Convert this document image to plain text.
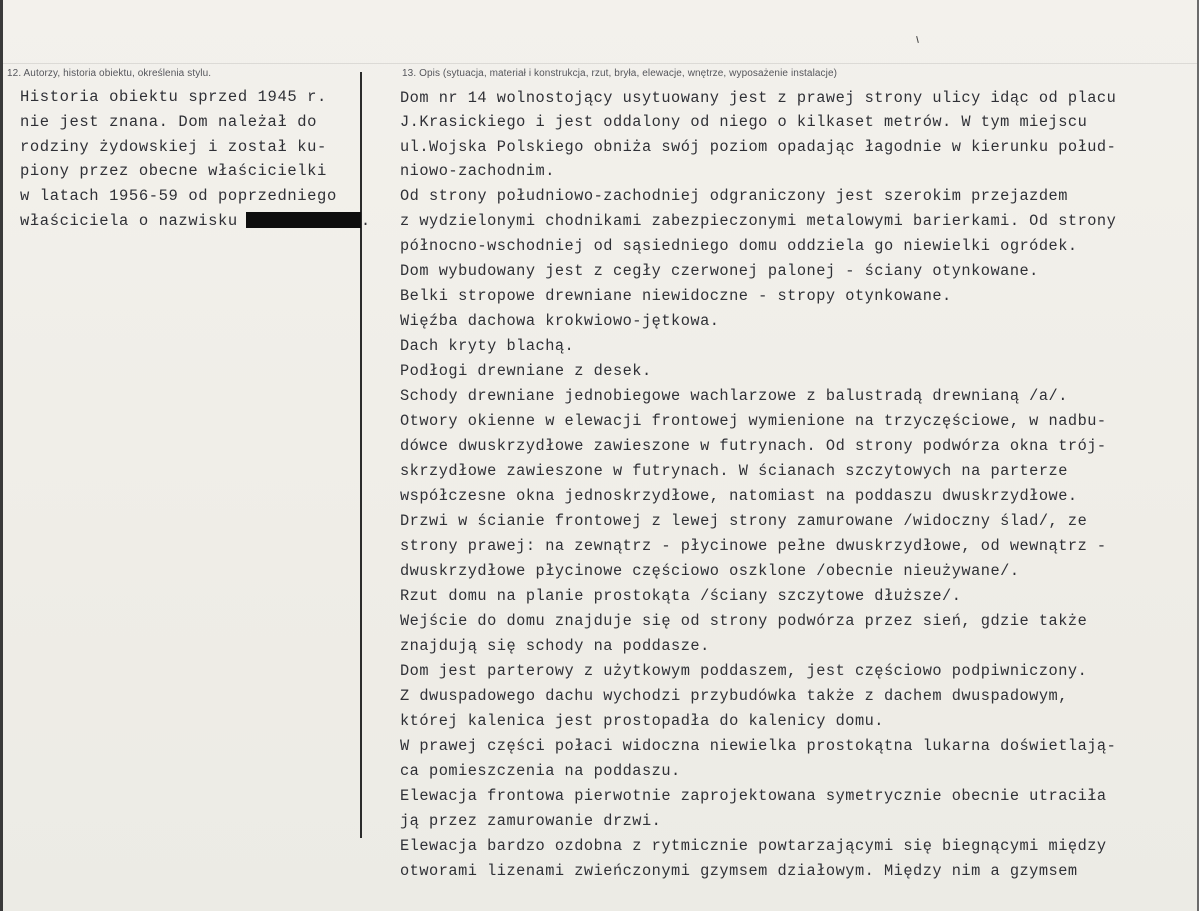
12. Autorzy, historia obiektu, określenia stylu.	13. Opis (sytuacja, materiał i konstrukcja, rzut, bryła, elewacje, wnętrze, wyposażenie instalacje)
Historia obiektu sprzed 1945 r.
nie jest znana. Dom należał do
rodziny żydowskiej i został ku-
piony przez obecne właścicielki
w latach 1956-59 od poprzedniego
właściciela o nazwisku	.
Dom nr 14 wolnostojący usytuowany jest z prawej strony ulicy idąc od placu
J.Krasickiego i jest oddalony od niego o kilkaset metrów. W tym miejscu
ul.Wojska Polskiego obniża swój poziom opadając łagodnie w kierunku połud-
niowo-zachodnim.
Od strony południowo-zachodniej odgraniczony jest szerokim przejazdem
z wydzielonymi chodnikami zabezpieczonymi metalowymi barierkami. Od strony
północno-wschodniej od sąsiedniego domu oddziela go niewielki ogródek.
Dom wybudowany jest z cegły czerwonej palonej - ściany otynkowane.
Belki stropowe drewniane niewidoczne - stropy otynkowane.
Więźba dachowa krokwiowo-jętkowa.
Dach kryty blachą.
Podłogi drewniane z desek.
Schody drewniane jednobiegowe wachlarzowe z balustradą drewnianą /a/.
Otwory okienne w elewacji frontowej wymienione na trzyczęściowe, w nadbu-
dówce dwuskrzydłowe zawieszone w futrynach. Od strony podwórza okna trój-
skrzydłowe zawieszone w futrynach. W ścianach szczytowych na parterze
współczesne okna jednoskrzydłowe, natomiast na poddaszu dwuskrzydłowe.
Drzwi w ścianie frontowej z lewej strony zamurowane /widoczny ślad/, ze
strony prawej: na zewnątrz - płycinowe pełne dwuskrzydłowe, od wewnątrz -
dwuskrzydłowe płycinowe częściowo oszklone /obecnie nieużywane/.
Rzut domu na planie prostokąta /ściany szczytowe dłuższe/.
Wejście do domu znajduje się od strony podwórza przez sień, gdzie także
znajdują się schody na poddasze.
Dom jest parterowy z użytkowym poddaszem, jest częściowo podpiwniczony.
Z dwuspadowego dachu wychodzi przybudówka także z dachem dwuspadowym,
której kalenica jest prostopadła do kalenicy domu.
W prawej części połaci widoczna niewielka prostokątna lukarna doświetlają-
ca pomieszczenia na poddaszu.
Elewacja frontowa pierwotnie zaprojektowana symetrycznie obecnie utraciła
ją przez zamurowanie drzwi.
Elewacja bardzo ozdobna z rytmicznie powtarzającymi się biegnącymi między
otworami lizenami zwieńczonymi gzymsem działowym. Między nim a gzymsem
